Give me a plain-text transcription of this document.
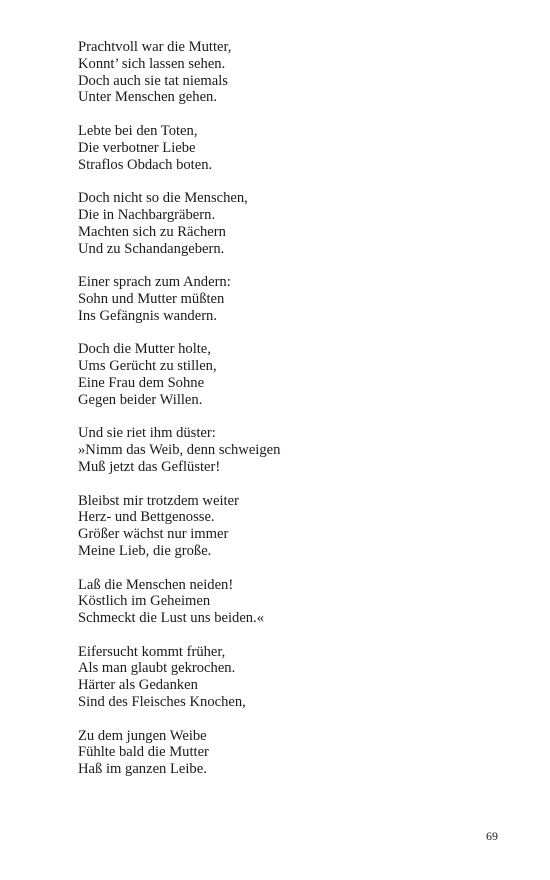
Prachtvoll war die Mutter,
Konnt’ sich lassen sehen.
Doch auch sie tat niemals
Unter Menschen gehen.
Lebte bei den Toten,
Die verbotner Liebe
Straflos Obdach boten.
Doch nicht so die Menschen,
Die in Nachbargräbern.
Machten sich zu Rächern
Und zu Schandangebern.
Einer sprach zum Andern:
Sohn und Mutter müßten
Ins Gefängnis wandern.
Doch die Mutter holte,
Ums Gerücht zu stillen,
Eine Frau dem Sohne
Gegen beider Willen.
Und sie riet ihm düster:
»Nimm das Weib, denn schweigen
Muß jetzt das Geflüster!
Bleibst mir trotzdem weiter
Herz- und Bettgenosse.
Größer wächst nur immer
Meine Lieb, die große.
Laß die Menschen neiden!
Köstlich im Geheimen
Schmeckt die Lust uns beiden.«
Eifersucht kommt früher,
Als man glaubt gekrochen.
Härter als Gedanken
Sind des Fleisches Knochen,
Zu dem jungen Weibe
Fühlte bald die Mutter
Haß im ganzen Leibe.
69
